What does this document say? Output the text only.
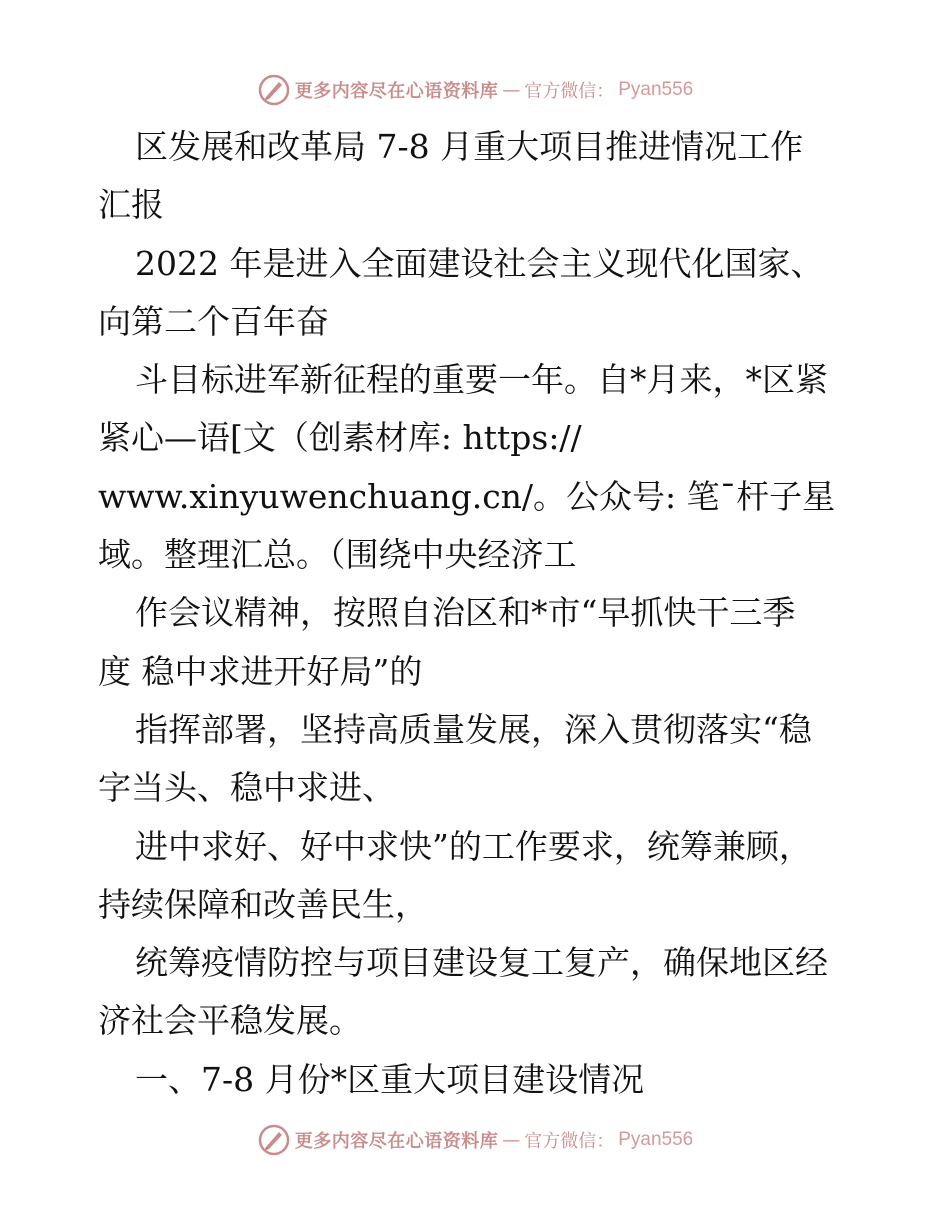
更多内容尽在心语资料库 — 官方微信： Pyan556
区发展和改革局 7-8 月重大项目推进情况工作
汇报
2022 年是进入全面建设社会主义现代化国家、
向第二个百年奋
斗目标进军新征程的重要一年。自*月来，*区紧
紧心—语[文（创素材库: https://
www.xinyuwenchuang.cn/。公众号: 笔¯杆子星
域。整理汇总。（围绕中央经济工
作会议精神，按照自治区和*市“早抓快干三季
度 稳中求进开好局”的
指挥部署，坚持高质量发展，深入贯彻落实“稳
字当头、稳中求进、
进中求好、好中求快”的工作要求，统筹兼顾，
持续保障和改善民生，
统筹疫情防控与项目建设复工复产，确保地区经
济社会平稳发展。
一、7-8 月份*区重大项目建设情况
更多内容尽在心语资料库 — 官方微信： Pyan556
